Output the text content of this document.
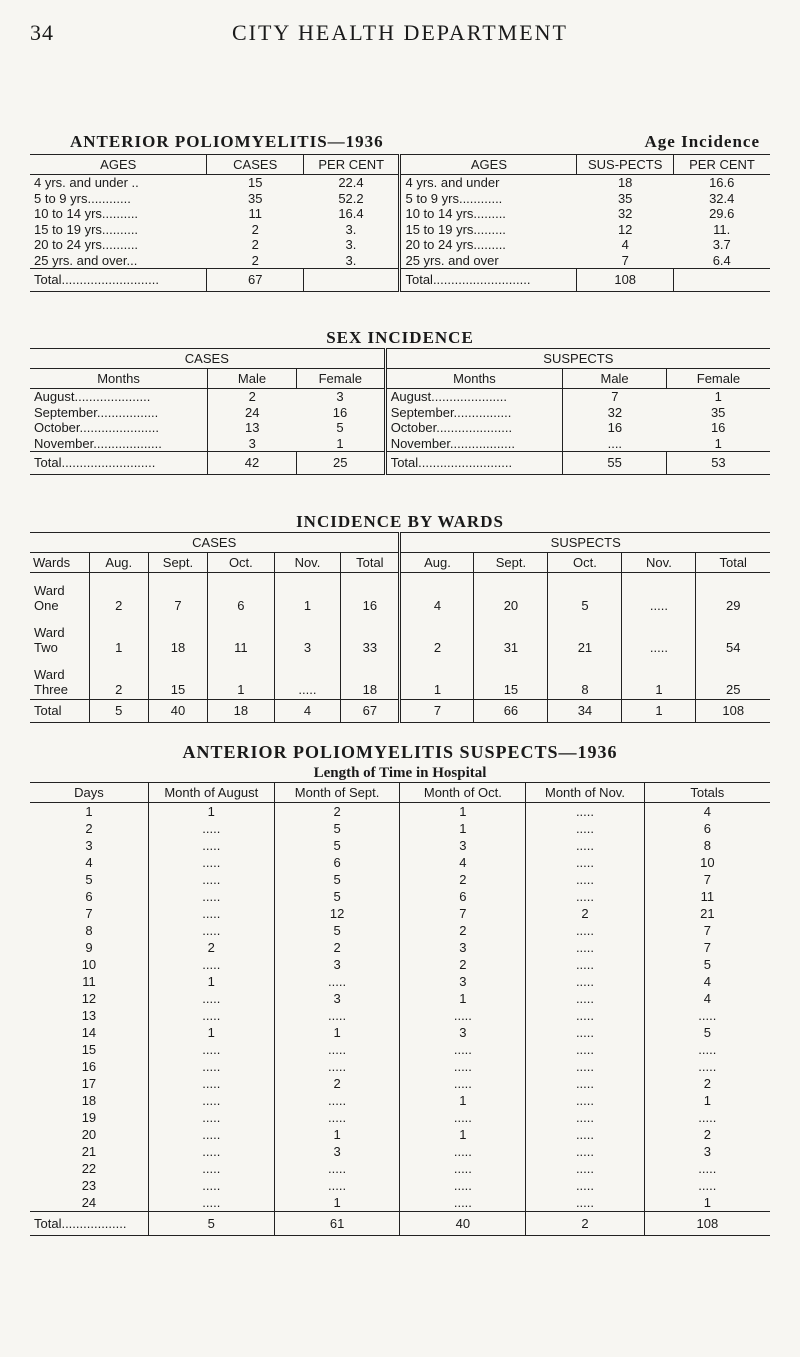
34	CITY HEALTH DEPARTMENT
ANTERIOR POLIOMYELITIS—1936	Age Incidence
AGES	CASES	PER CENT	AGES	SUS-PECTS	PER CENT
4 yrs. and under ..	15	22.4	4 yrs. and under	18	16.6
5 to 9 yrs............	35	52.2	5 to 9 yrs............	35	32.4
10 to 14 yrs..........	11	16.4	10 to 14 yrs.........	32	29.6
15 to 19 yrs..........	2	3.	15 to 19 yrs.........	12	11.
20 to 24 yrs..........	2	3.	20 to 24 yrs.........	4	3.7
25 yrs. and over...	2	3.	25 yrs. and over	7	6.4
Total...........................	67		Total...........................	108	
SEX INCIDENCE
CASES			SUSPECTS		
Months	Male	Female	Months	Male	Female
August.....................	2	3	August.....................	7	1
September.................	24	16	September................	32	35
October......................	13	5	October.....................	16	16
November...................	3	1	November..................	....	1
Total..........................	42	25	Total..........................	55	53
INCIDENCE BY WARDS
CASES						SUSPECTS				
Wards	Aug.	Sept.	Oct.	Nov.	Total	Aug.	Sept.	Oct.	Nov.	Total

Ward
One	2	7	6	1	16	4	20	5	.....	29

Ward
Two	1	18	11	3	33	2	31	21	.....	54

Ward
Three	2	15	1	.....	18	1	15	8	1	25
Total	5	40	18	4	67	7	66	34	1	108
ANTERIOR POLIOMYELITIS SUSPECTS—1936
Length of Time in Hospital
Days	Month of August	Month of Sept.	Month of Oct.	Month of Nov.	Totals
1	1	2	1	.....	4
2	.....	5	1	.....	6
3	.....	5	3	.....	8
4	.....	6	4	.....	10
5	.....	5	2	.....	7
6	.....	5	6	.....	11
7	.....	12	7	2	21
8	.....	5	2	.....	7
9	2	2	3	.....	7
10	.....	3	2	.....	5
11	1	.....	3	.....	4
12	.....	3	1	.....	4
13	.....	.....	.....	.....	.....
14	1	1	3	.....	5
15	.....	.....	.....	.....	.....
16	.....	.....	.....	.....	.....
17	.....	2	.....	.....	2
18	.....	.....	1	.....	1
19	.....	.....	.....	.....	.....
20	.....	1	1	.....	2
21	.....	3	.....	.....	3
22	.....	.....	.....	.....	.....
23	.....	.....	.....	.....	.....
24	.....	1	.....	.....	1
Total..................	5	61	40	2	108
